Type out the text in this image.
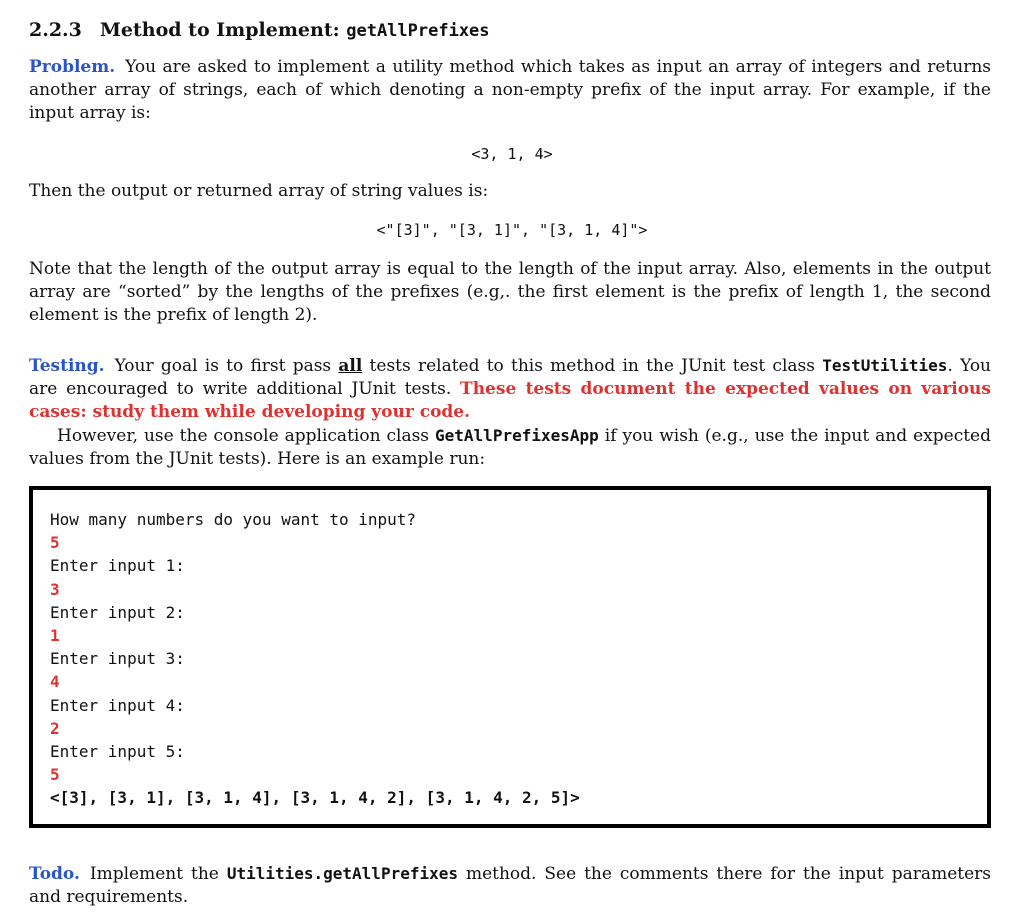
2.2.3 Method to Implement: getAllPrefixes
Problem. You are asked to implement a utility method which takes as input an array of integers and returns another array of strings, each of which denoting a non-empty prefix of the input array. For example, if the input array is:
<3, 1, 4>
Then the output or returned array of string values is:
<"[3]", "[3, 1]", "[3, 1, 4]">
Note that the length of the output array is equal to the length of the input array. Also, elements in the output array are “sorted” by the lengths of the prefixes (e.g,. the first element is the prefix of length 1, the second element is the prefix of length 2).
Testing. Your goal is to first pass all tests related to this method in the JUnit test class TestUtilities. You are encouraged to write additional JUnit tests. These tests document the expected values on various cases: study them while developing your code.
However, use the console application class GetAllPrefixesApp if you wish (e.g., use the input and expected values from the JUnit tests). Here is an example run:
How many numbers do you want to input?
5
Enter input 1:
3
Enter input 2:
1
Enter input 3:
4
Enter input 4:
2
Enter input 5:
5
<[3], [3, 1], [3, 1, 4], [3, 1, 4, 2], [3, 1, 4, 2, 5]>
Todo. Implement the Utilities.getAllPrefixes method. See the comments there for the input parameters and requirements.
